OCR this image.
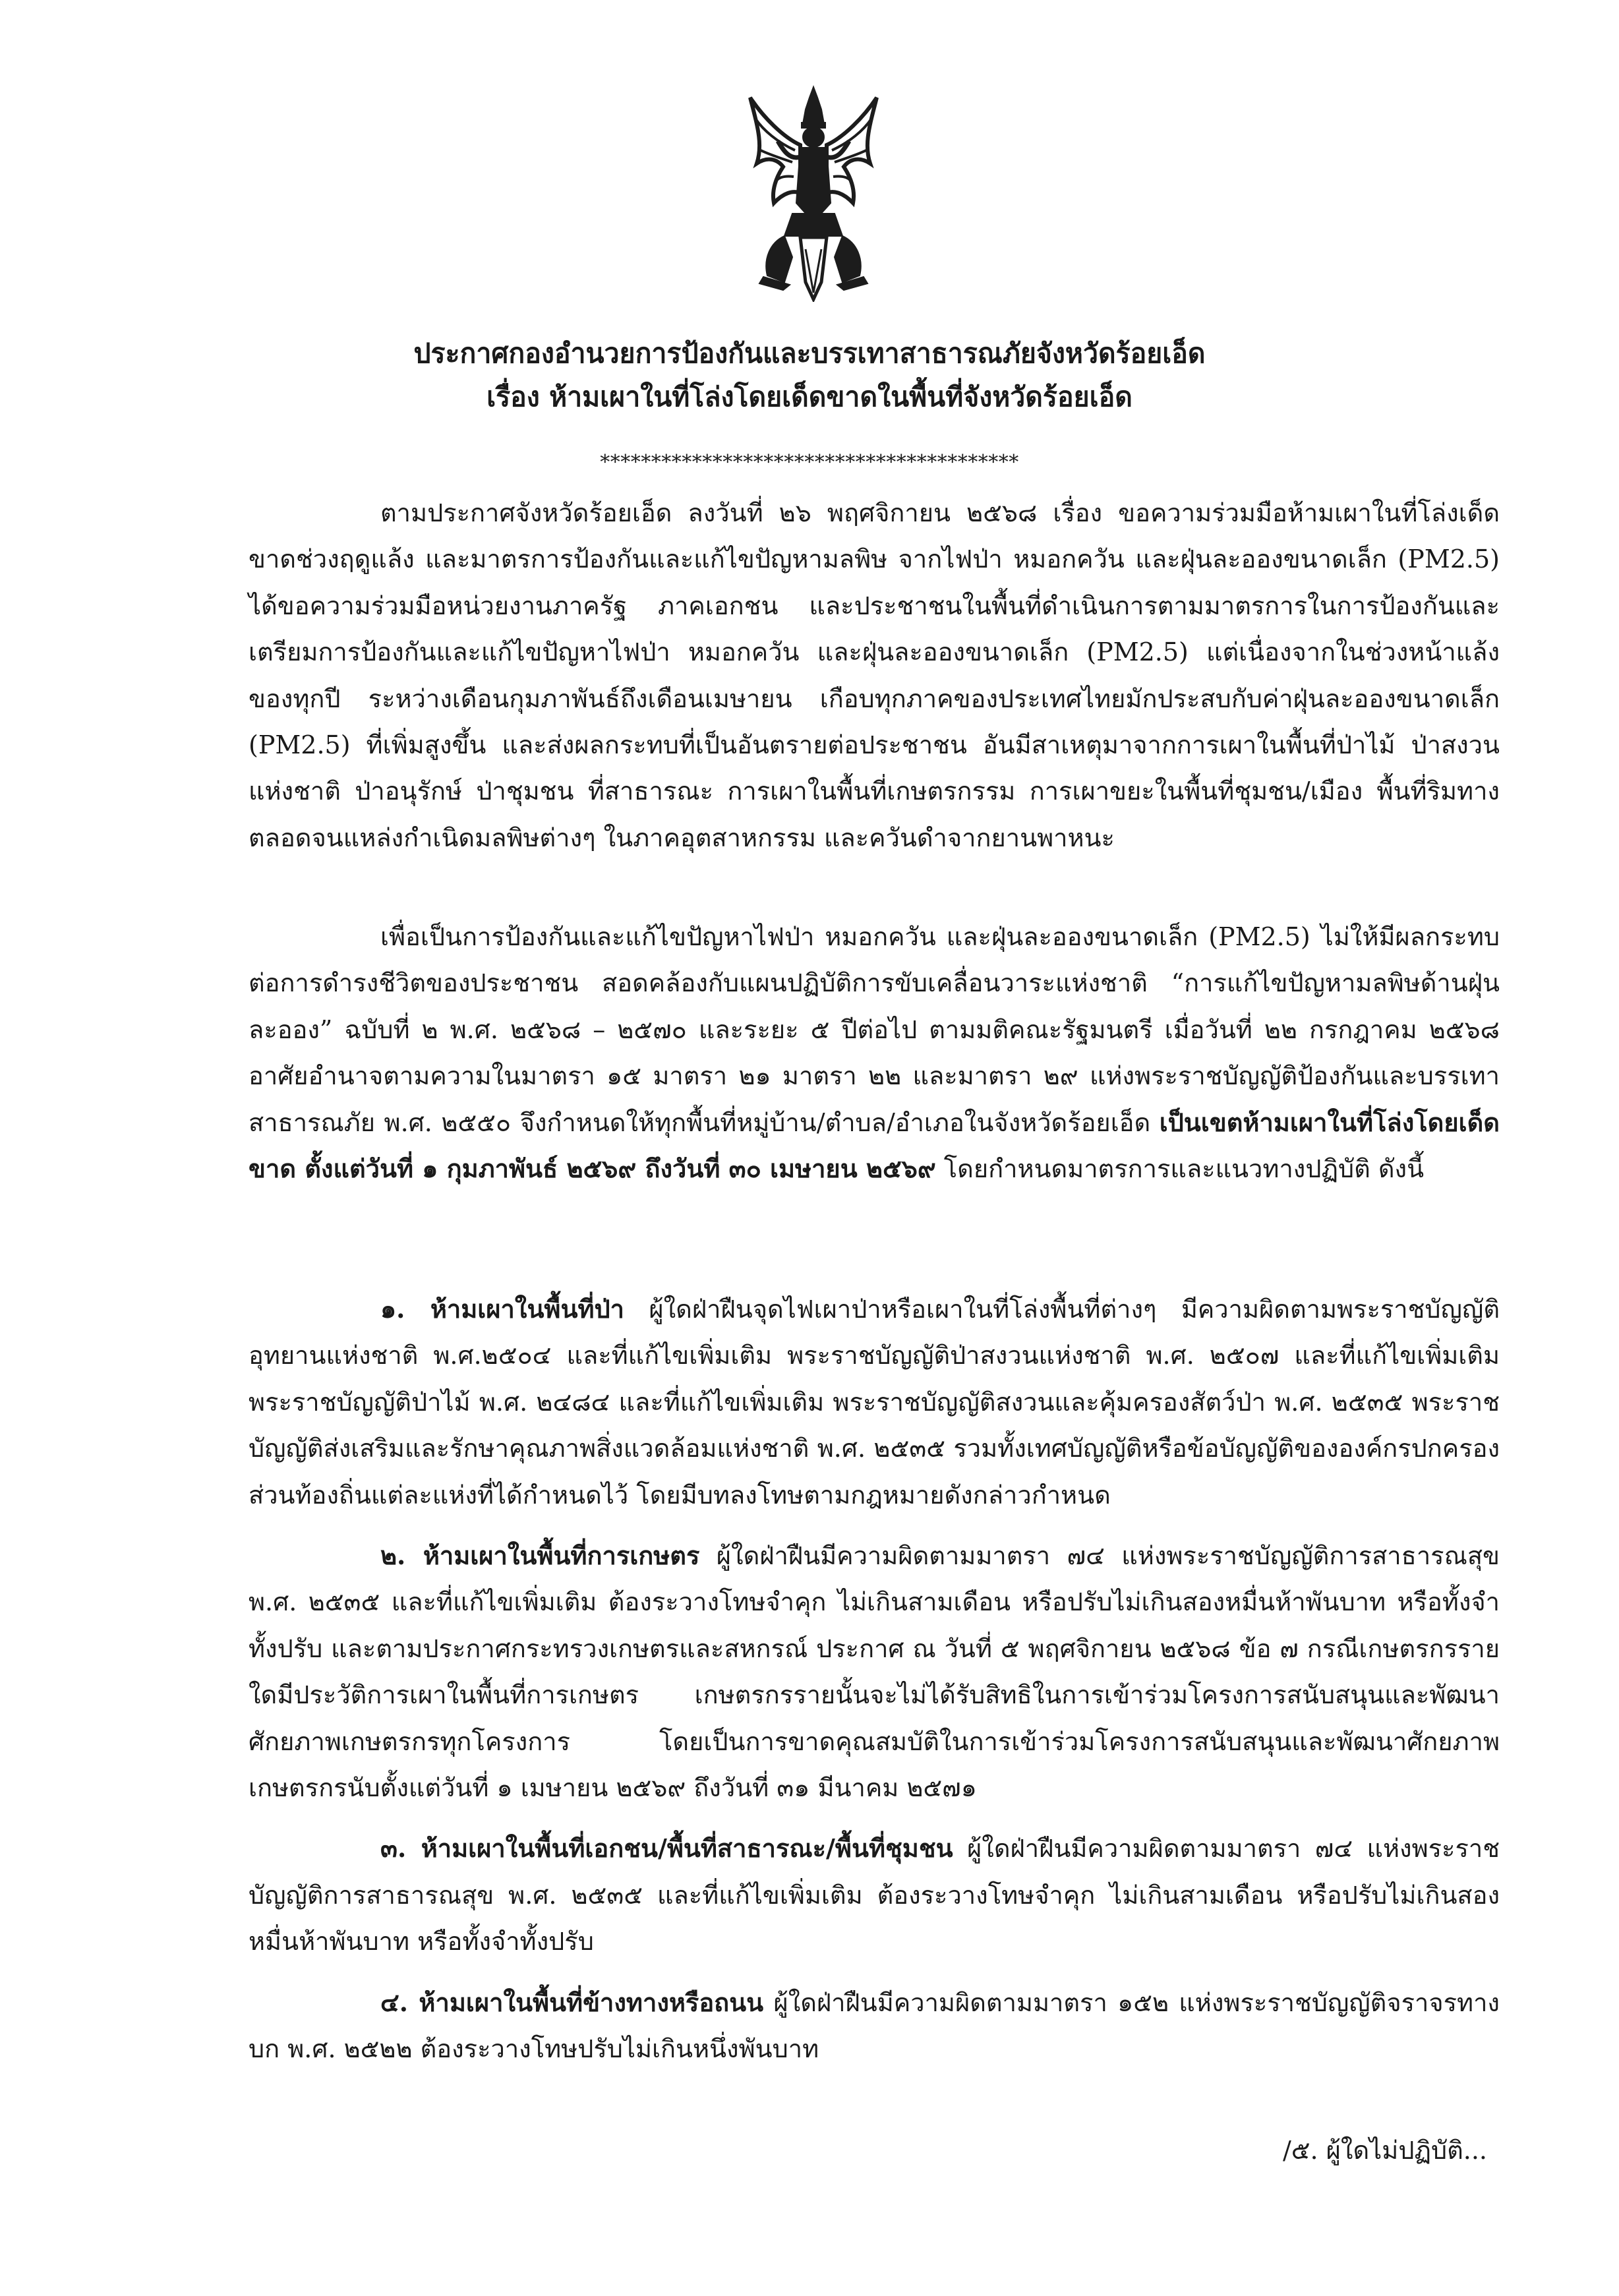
ประกาศกองอำนวยการป้องกันและบรรเทาสาธารณภัยจังหวัดร้อยเอ็ด
เรื่อง ห้ามเผาในที่โล่งโดยเด็ดขาดในพื้นที่จังหวัดร้อยเอ็ด
*****************************************

ตามประกาศจังหวัดร้อยเอ็ด ลงวันที่ ๒๖ พฤศจิกายน ๒๕๖๘ เรื่อง ขอความร่วมมือห้ามเผาในที่โล่งเด็ดขาดช่วงฤดูแล้ง และมาตรการป้องกันและแก้ไขปัญหามลพิษ จากไฟป่า หมอกควัน และฝุ่นละอองขนาดเล็ก (PM2.5) ได้ขอความร่วมมือหน่วยงานภาครัฐ ภาคเอกชน และประชาชนในพื้นที่ดำเนินการตามมาตรการในการป้องกันและเตรียมการป้องกันและแก้ไขปัญหาไฟป่า หมอกควัน และฝุ่นละอองขนาดเล็ก (PM2.5) แต่เนื่องจากในช่วงหน้าแล้งของทุกปี ระหว่างเดือนกุมภาพันธ์ถึงเดือนเมษายน เกือบทุกภาคของประเทศไทยมักประสบกับค่าฝุ่นละอองขนาดเล็ก (PM2.5) ที่เพิ่มสูงขึ้น และส่งผลกระทบที่เป็นอันตรายต่อประชาชน อันมีสาเหตุมาจากการเผาในพื้นที่ป่าไม้ ป่าสงวนแห่งชาติ ป่าอนุรักษ์ ป่าชุมชน ที่สาธารณะ การเผาในพื้นที่เกษตรกรรม การเผาขยะในพื้นที่ชุมชน/เมือง พื้นที่ริมทาง ตลอดจนแหล่งกำเนิดมลพิษต่างๆ ในภาคอุตสาหกรรม และควันดำจากยานพาหนะ

เพื่อเป็นการป้องกันและแก้ไขปัญหาไฟป่า หมอกควัน และฝุ่นละอองขนาดเล็ก (PM2.5) ไม่ให้มีผลกระทบต่อการดำรงชีวิตของประชาชน สอดคล้องกับแผนปฏิบัติการขับเคลื่อนวาระแห่งชาติ “การแก้ไขปัญหามลพิษด้านฝุ่นละออง” ฉบับที่ ๒ พ.ศ. ๒๕๖๘ – ๒๕๗๐ และระยะ ๕ ปีต่อไป ตามมติคณะรัฐมนตรี เมื่อวันที่ ๒๒ กรกฎาคม ๒๕๖๘ อาศัยอำนาจตามความในมาตรา ๑๕ มาตรา ๒๑ มาตรา ๒๒ และมาตรา ๒๙ แห่งพระราชบัญญัติป้องกันและบรรเทาสาธารณภัย พ.ศ. ๒๕๕๐ จึงกำหนดให้ทุกพื้นที่หมู่บ้าน/ตำบล/อำเภอในจังหวัดร้อยเอ็ด เป็นเขตห้ามเผาในที่โล่งโดยเด็ดขาด ตั้งแต่วันที่ ๑ กุมภาพันธ์ ๒๕๖๙ ถึงวันที่ ๓๐ เมษายน ๒๕๖๙ โดยกำหนดมาตรการและแนวทางปฏิบัติ ดังนี้

๑. ห้ามเผาในพื้นที่ป่า ผู้ใดฝ่าฝืนจุดไฟเผาป่าหรือเผาในที่โล่งพื้นที่ต่างๆ มีความผิดตามพระราชบัญญัติอุทยานแห่งชาติ พ.ศ.๒๕๐๔ และที่แก้ไขเพิ่มเติม พระราชบัญญัติป่าสงวนแห่งชาติ พ.ศ. ๒๕๐๗ และที่แก้ไขเพิ่มเติม พระราชบัญญัติป่าไม้ พ.ศ. ๒๔๘๔ และที่แก้ไขเพิ่มเติม พระราชบัญญัติสงวนและคุ้มครองสัตว์ป่า พ.ศ. ๒๕๓๕ พระราชบัญญัติส่งเสริมและรักษาคุณภาพสิ่งแวดล้อมแห่งชาติ พ.ศ. ๒๕๓๕ รวมทั้งเทศบัญญัติหรือข้อบัญญัติขององค์กรปกครองส่วนท้องถิ่นแต่ละแห่งที่ได้กำหนดไว้ โดยมีบทลงโทษตามกฎหมายดังกล่าวกำหนด

๒. ห้ามเผาในพื้นที่การเกษตร ผู้ใดฝ่าฝืนมีความผิดตามมาตรา ๗๔ แห่งพระราชบัญญัติการสาธารณสุข พ.ศ. ๒๕๓๕ และที่แก้ไขเพิ่มเติม ต้องระวางโทษจำคุก ไม่เกินสามเดือน หรือปรับไม่เกินสองหมื่นห้าพันบาท หรือทั้งจำทั้งปรับ และตามประกาศกระทรวงเกษตรและสหกรณ์ ประกาศ ณ วันที่ ๕ พฤศจิกายน ๒๕๖๘ ข้อ ๗ กรณีเกษตรกรรายใดมีประวัติการเผาในพื้นที่การเกษตร เกษตรกรรายนั้นจะไม่ได้รับสิทธิในการเข้าร่วมโครงการสนับสนุนและพัฒนาศักยภาพเกษตรกรทุกโครงการ โดยเป็นการขาดคุณสมบัติในการเข้าร่วมโครงการสนับสนุนและพัฒนาศักยภาพเกษตรกรนับตั้งแต่วันที่ ๑ เมษายน ๒๕๖๙ ถึงวันที่ ๓๑ มีนาคม ๒๕๗๑

๓. ห้ามเผาในพื้นที่เอกชน/พื้นที่สาธารณะ/พื้นที่ชุมชน ผู้ใดฝ่าฝืนมีความผิดตามมาตรา ๗๔ แห่งพระราชบัญญัติการสาธารณสุข พ.ศ. ๒๕๓๕ และที่แก้ไขเพิ่มเติม ต้องระวางโทษจำคุก ไม่เกินสามเดือน หรือปรับไม่เกินสองหมื่นห้าพันบาท หรือทั้งจำทั้งปรับ

๔. ห้ามเผาในพื้นที่ข้างทางหรือถนน ผู้ใดฝ่าฝืนมีความผิดตามมาตรา ๑๕๒ แห่งพระราชบัญญัติจราจรทางบก พ.ศ. ๒๕๒๒ ต้องระวางโทษปรับไม่เกินหนึ่งพันบาท

/๕. ผู้ใดไม่ปฏิบัติ...
